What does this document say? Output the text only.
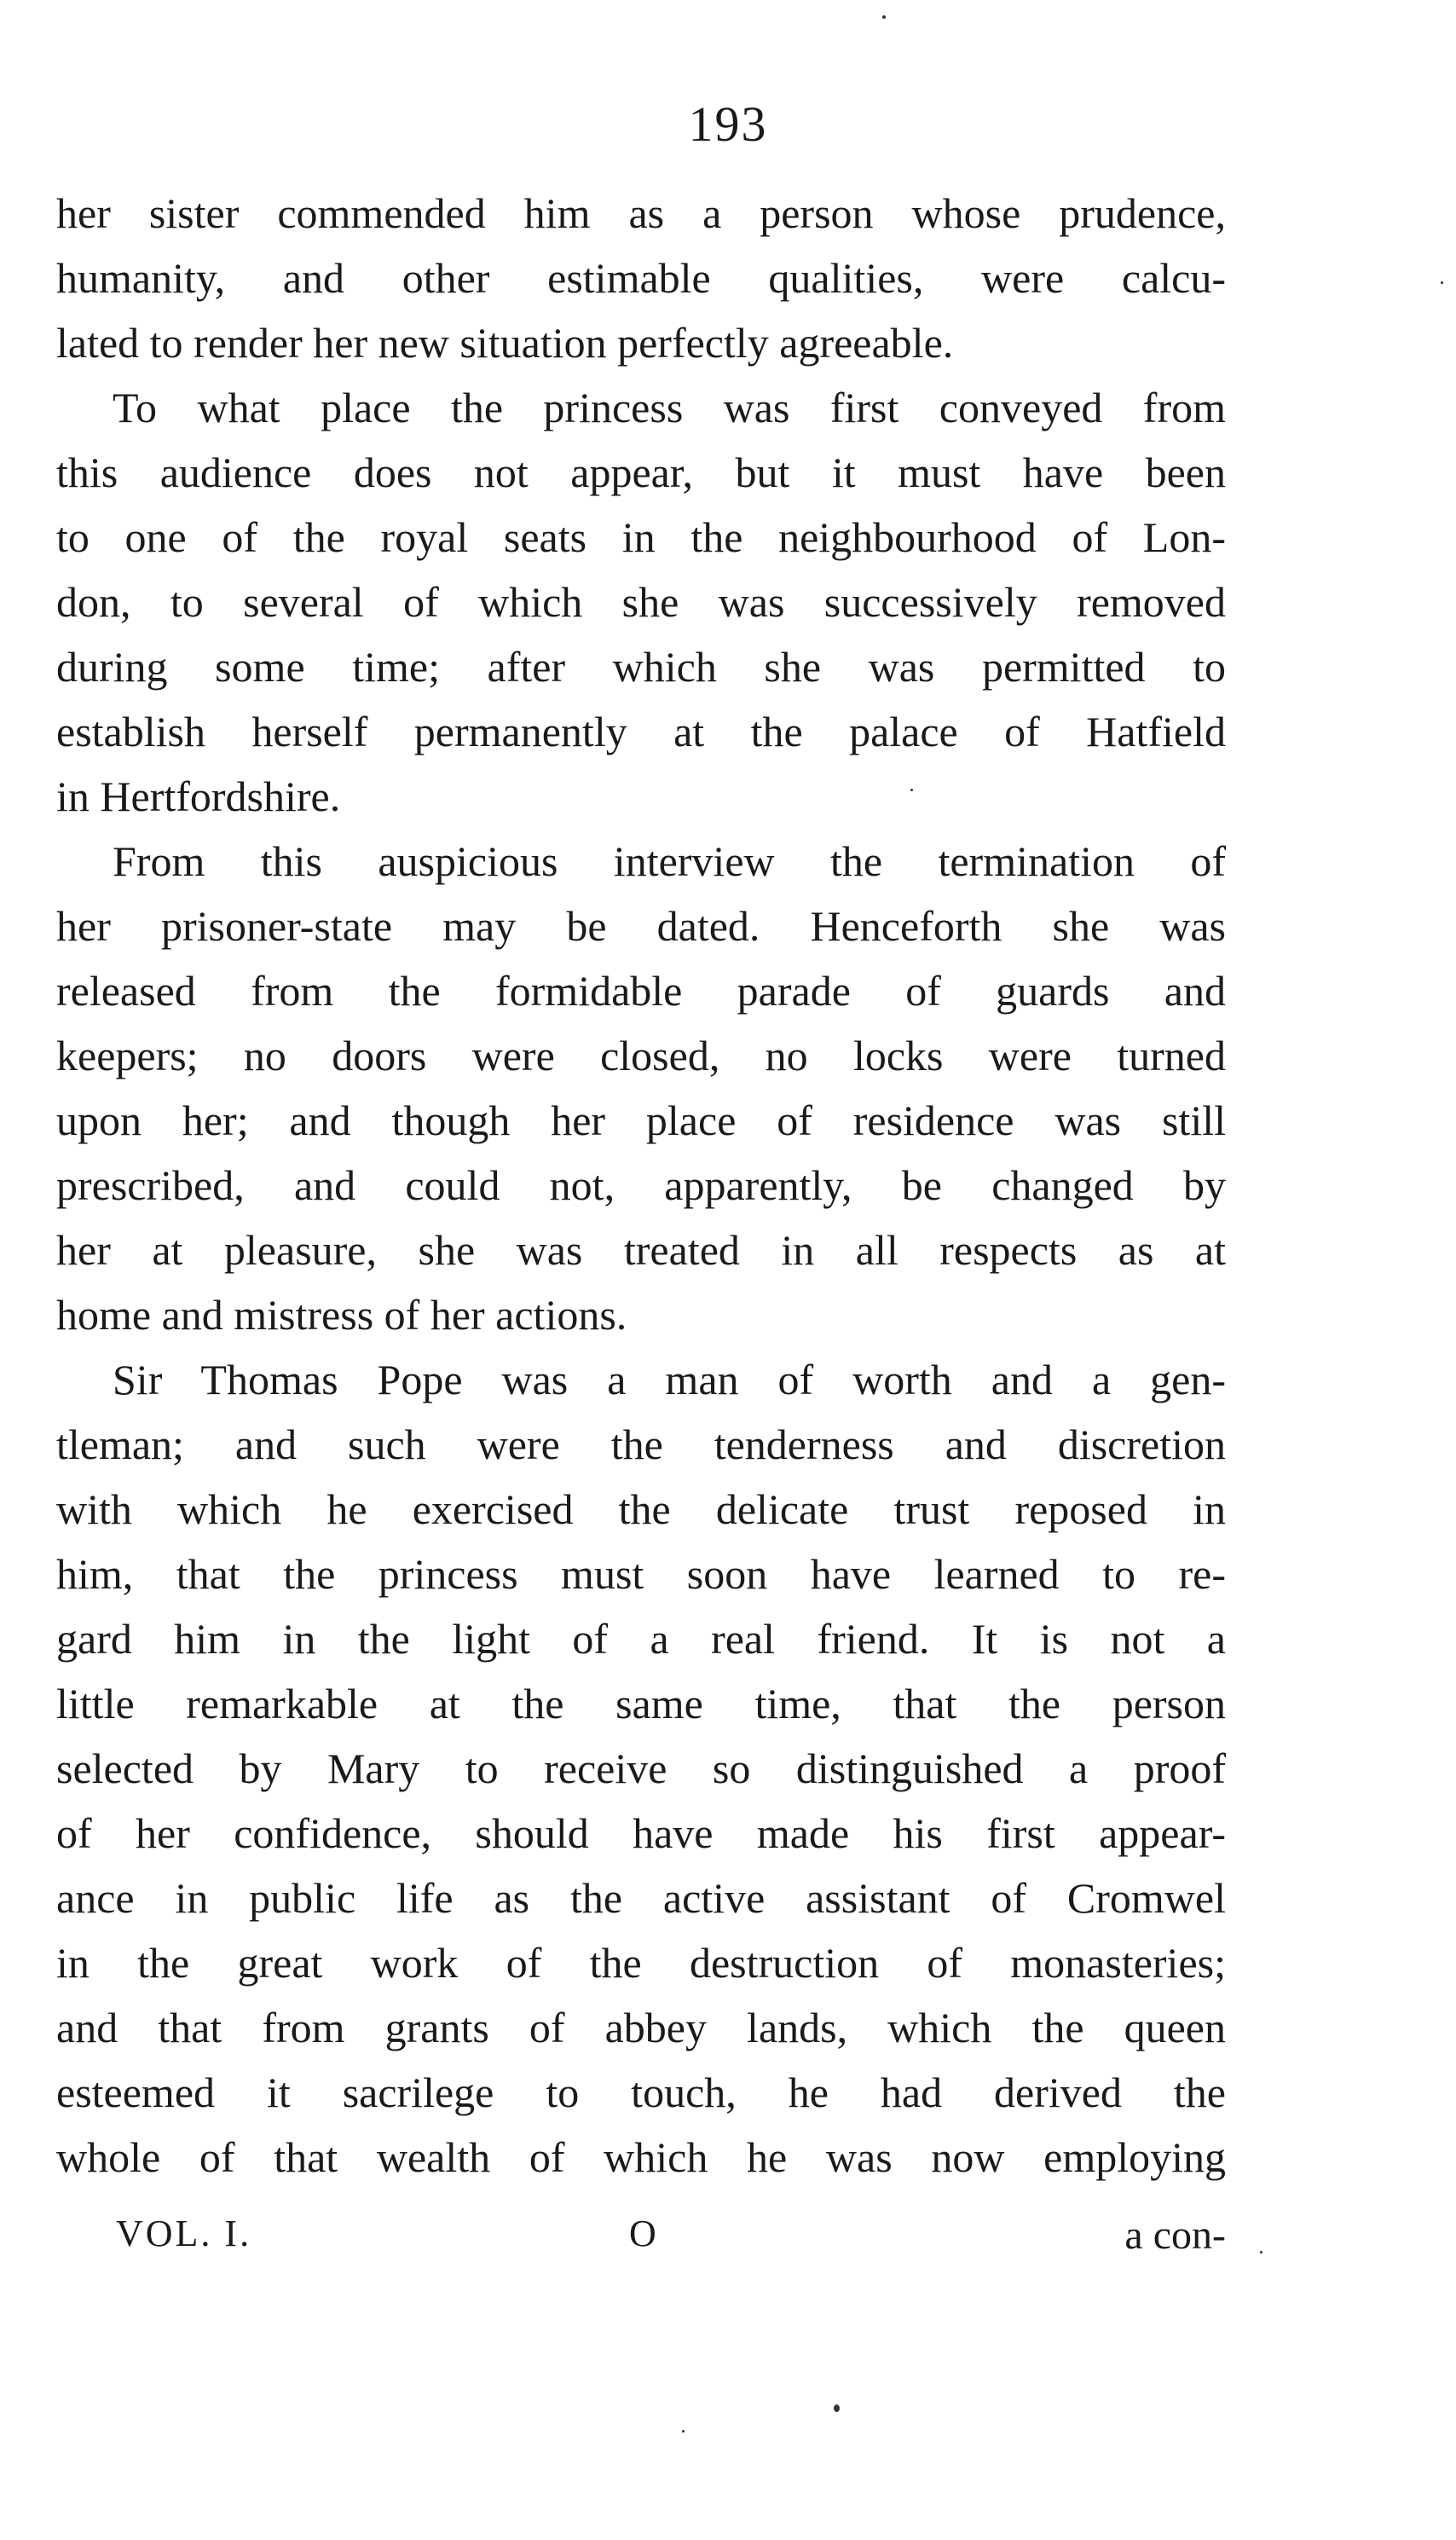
193
her sister commended him as a person whose prudence,
humanity, and other estimable qualities, were calcu-
lated to render her new situation perfectly agreeable.
To what place the princess was first conveyed from
this audience does not appear, but it must have been
to one of the royal seats in the neighbourhood of Lon-
don, to several of which she was successively removed
during some time; after which she was permitted to
establish herself permanently at the palace of Hatfield
in Hertfordshire.
From this auspicious interview the termination of
her prisoner-state may be dated. Henceforth she was
released from the formidable parade of guards and
keepers; no doors were closed, no locks were turned
upon her; and though her place of residence was still
prescribed, and could not, apparently, be changed by
her at pleasure, she was treated in all respects as at
home and mistress of her actions.
Sir Thomas Pope was a man of worth and a gen-
tleman; and such were the tenderness and discretion
with which he exercised the delicate trust reposed in
him, that the princess must soon have learned to re-
gard him in the light of a real friend. It is not a
little remarkable at the same time, that the person
selected by Mary to receive so distinguished a proof
of her confidence, should have made his first appear-
ance in public life as the active assistant of Cromwel
in the great work of the destruction of monasteries;
and that from grants of abbey lands, which the queen
esteemed it sacrilege to touch, he had derived the
whole of that wealth of which he was now employing
VOL. I.	O	a con-
